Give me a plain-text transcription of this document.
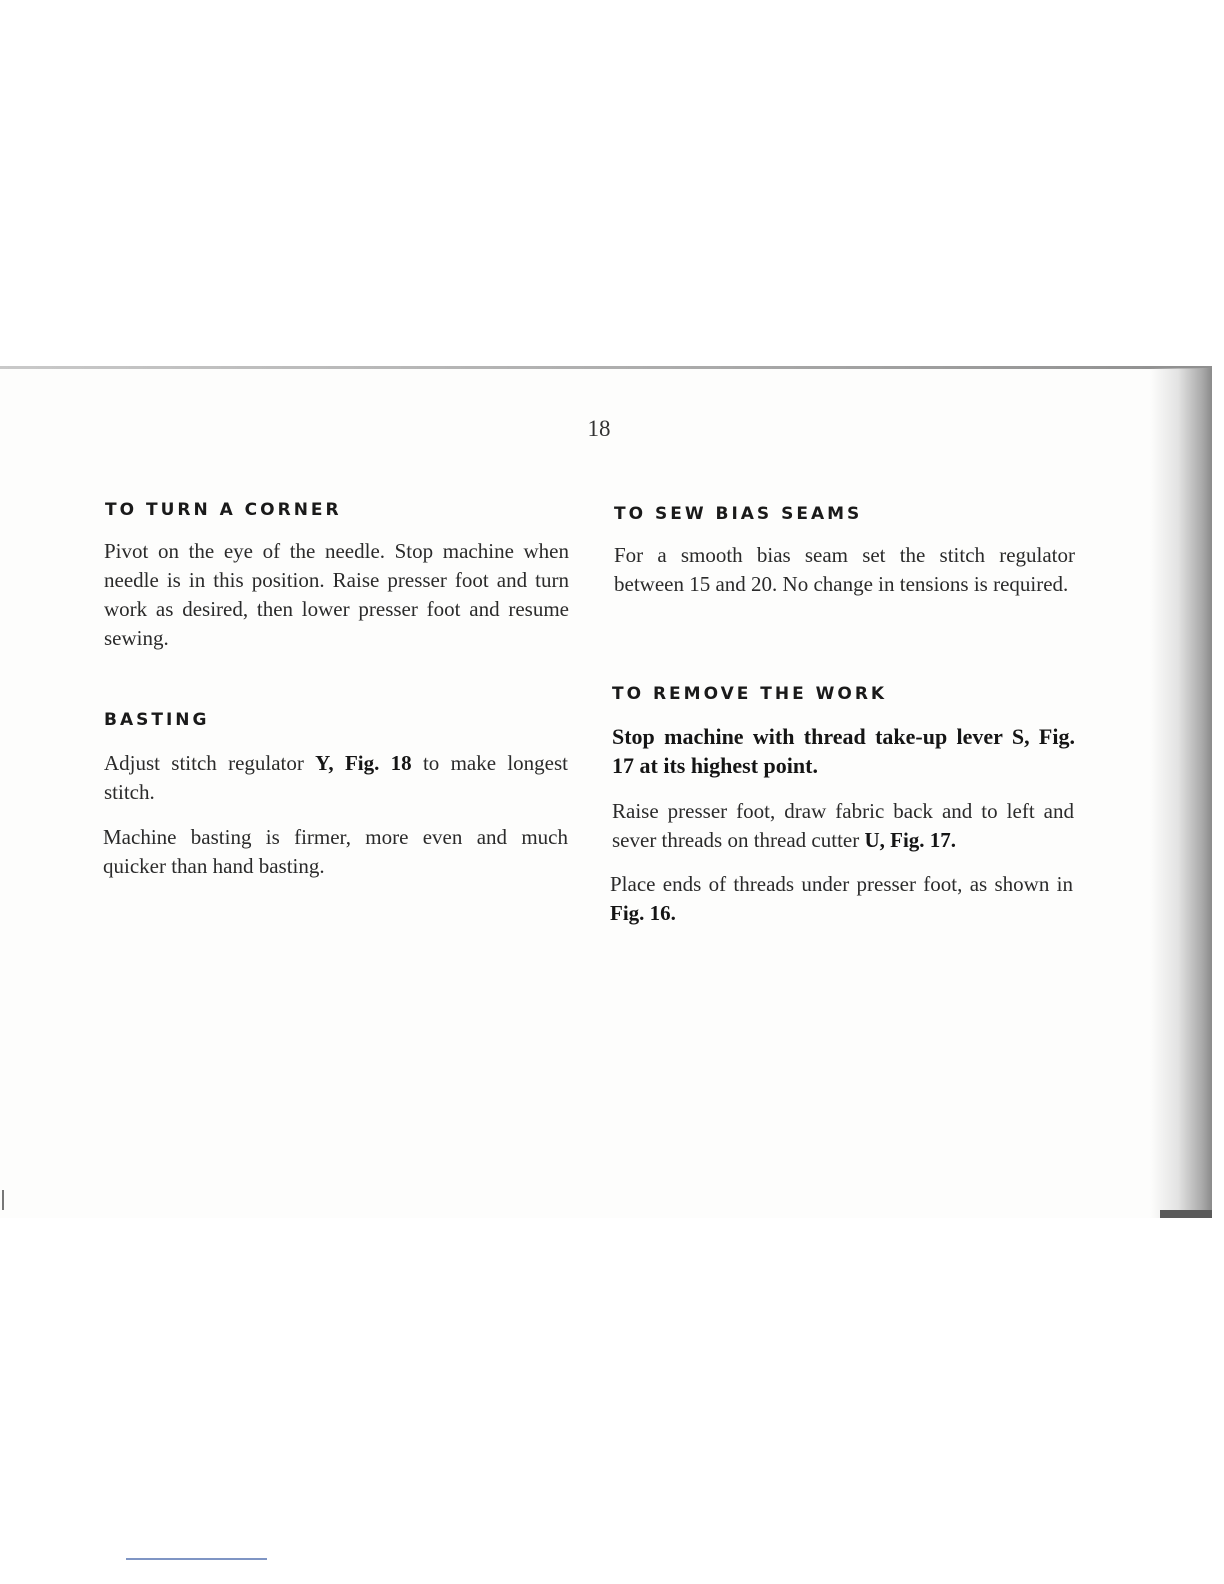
18
TO TURN A CORNER

Pivot on the eye of the needle. Stop machine when needle is in this position. Raise presser foot and turn work as desired, then lower presser foot and resume sewing.

BASTING

Adjust stitch regulator Y, Fig. 18 to make longest stitch.

Machine basting is firmer, more even and much quicker than hand basting.

TO SEW BIAS SEAMS

For a smooth bias seam set the stitch regulator between 15 and 20. No change in tensions is required.

TO REMOVE THE WORK

Stop machine with thread take-up lever S, Fig. 17 at its highest point.

Raise presser foot, draw fabric back and to left and sever threads on thread cutter U, Fig. 17.

Place ends of threads under presser foot, as shown in Fig. 16.
